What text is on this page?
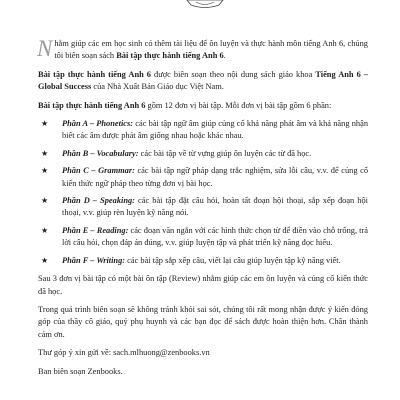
Nhằm giúp các em học sinh có thêm tài liệu để ôn luyện và thực hành môn tiếng Anh 6, chúng tôi biên soạn sách Bài tập thực hành tiếng Anh 6.

Bài tập thực hành tiếng Anh 6 được biên soạn theo nội dung sách giáo khoa Tiếng Anh 6 – Global Success của Nhà Xuất Bản Giáo dục Việt Nam.

Bài tập thực hành tiếng Anh 6 gồm 12 đơn vị bài tập. Mỗi đơn vị bài tập gồm 6 phần:

★ Phần A – Phonetics: các bài tập ngữ âm giúp củng cố khả năng phát âm và khả năng nhận biết các âm được phát âm giống nhau hoặc khác nhau.
★ Phần B – Vocabulary: các bài tập về từ vựng giúp ôn luyện các từ đã học.
★ Phần C – Grammar: các bài tập ngữ pháp dạng trắc nghiệm, sửa lỗi câu, v.v. để củng cố kiến thức ngữ pháp theo từng đơn vị bài học.
★ Phần D – Speaking: các bài tập đặt câu hỏi, hoàn tất đoạn hội thoại, sắp xếp đoạn hội thoại, v.v. giúp rèn luyện kỹ năng nói.
★ Phần E – Reading: các đoạn văn ngắn với các hình thức chọn từ để điền vào chỗ trống, trả lời câu hỏi, chọn đáp án đúng, v.v. giúp luyện tập và phát triển kỹ năng đọc hiểu.
★ Phần F – Writing: các bài tập sắp xếp câu, viết lại câu giúp luyện tập kỹ năng viết.

Sau 3 đơn vị bài tập có một bài ôn tập (Review) nhằm giúp các em ôn luyện và củng cố kiến thức đã học.

Trong quá trình biên soạn sẽ không tránh khỏi sai sót, chúng tôi rất mong nhận được ý kiến đóng góp của thầy cô giáo, quý phụ huynh và các bạn đọc để sách được hoàn thiện hơn. Chân thành cảm ơn.

Thư góp ý xin gửi về: sach.mlhuong@zenbooks.vn

Ban biên soạn Zenbooks.
